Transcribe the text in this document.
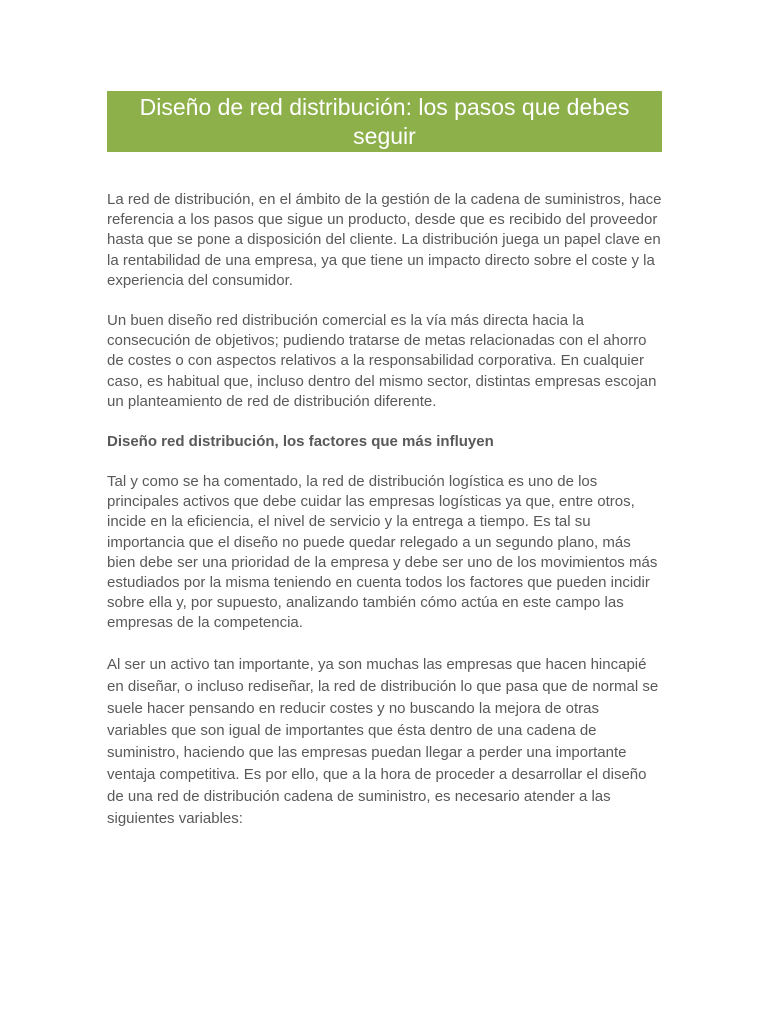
Diseño de red distribución: los pasos que debes seguir

La red de distribución, en el ámbito de la gestión de la cadena de suministros, hace referencia a los pasos que sigue un producto, desde que es recibido del proveedor hasta que se pone a disposición del cliente. La distribución juega un papel clave en la rentabilidad de una empresa, ya que tiene un impacto directo sobre el coste y la experiencia del consumidor.

Un buen diseño red distribución comercial es la vía más directa hacia la consecución de objetivos; pudiendo tratarse de metas relacionadas con el ahorro de costes o con aspectos relativos a la responsabilidad corporativa. En cualquier caso, es habitual que, incluso dentro del mismo sector, distintas empresas escojan un planteamiento de red de distribución diferente.

Diseño red distribución, los factores que más influyen

Tal y como se ha comentado, la red de distribución logística es uno de los principales activos que debe cuidar las empresas logísticas ya que, entre otros, incide en la eficiencia, el nivel de servicio y la entrega a tiempo. Es tal su importancia que el diseño no puede quedar relegado a un segundo plano, más bien debe ser una prioridad de la empresa y debe ser uno de los movimientos más estudiados por la misma teniendo en cuenta todos los factores que pueden incidir sobre ella y, por supuesto, analizando también cómo actúa en este campo las empresas de la competencia.

Al ser un activo tan importante, ya son muchas las empresas que hacen hincapié en diseñar, o incluso rediseñar, la red de distribución lo que pasa que de normal se suele hacer pensando en reducir costes y no buscando la mejora de otras variables que son igual de importantes que ésta dentro de una cadena de suministro, haciendo que las empresas puedan llegar a perder una importante ventaja competitiva. Es por ello, que a la hora de proceder a desarrollar el diseño de una red de distribución cadena de suministro, es necesario atender a las siguientes variables:
